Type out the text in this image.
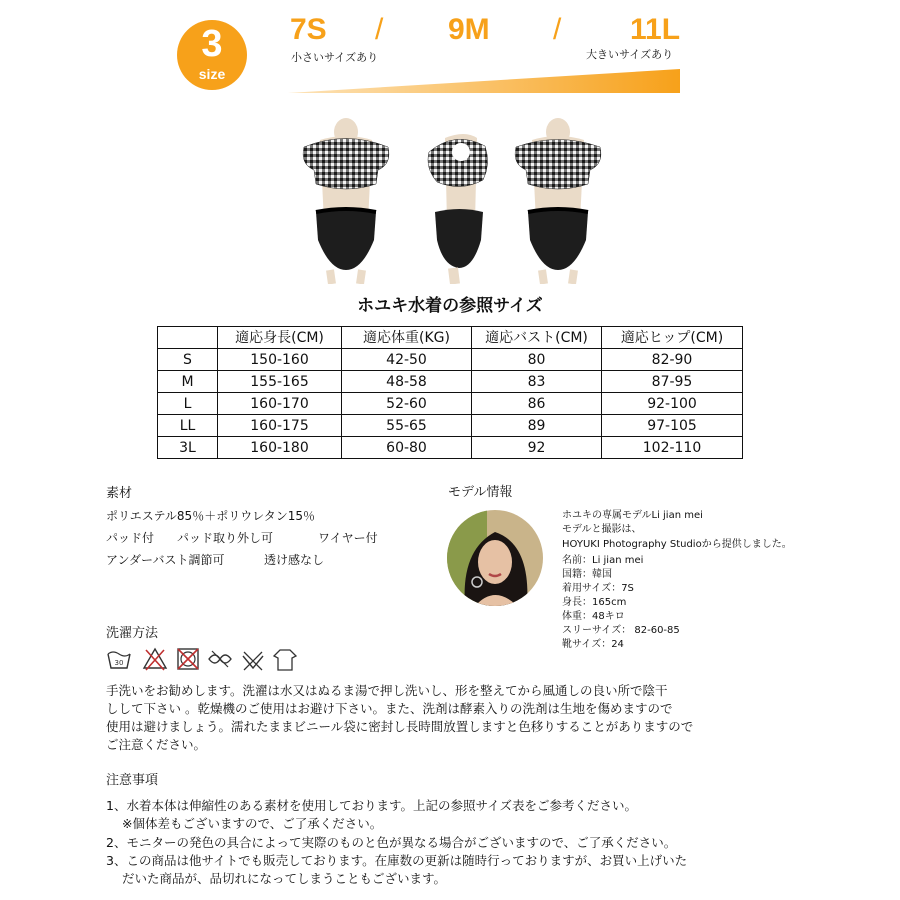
3
size
7S / 9M / 11L
小さいサイズあり	大きいサイズあり
ホユキ水着の参照サイズ
	適応身長(CM)	適応体重(KG)	適応バスト(CM)	適応ヒップ(CM)
S	150-160	42-50	80	82-90
M	155-165	48-58	83	87-95
L	160-170	52-60	86	92-100
LL	160-175	55-65	89	97-105
3L	160-180	60-80	92	102-110
素材
ポリエステル85％＋ポリウレタン15％
パッド付 パッド取り外し可	ワイヤー付
アンダーバスト調節可	透け感なし
モデル情報
ホユキの専属モデルLi jian mei
モデルと撮影は、
HOYUKI Photography Studioから提供しました。
名前：Li jian mei
国籍：韓国
着用サイズ：7S
身長：165cm
体重：48キロ
スリーサイズ： 82-60-85
靴サイズ：24
洗濯方法
30
手洗いをお勧めします。洗濯は水又はぬるま湯で押し洗いし、形を整えてから風通しの良い所で陰干
しして下さい 。乾燥機のご使用はお避け下さい。また、洗剤は酵素入りの洗剤は生地を傷めますので
使用は避けましょう。濡れたままビニール袋に密封し長時間放置しますと色移りすることがありますので
ご注意ください。
注意事項
1、水着本体は伸縮性のある素材を使用しております。上記の参照サイズ表をご参考ください。
※個体差もございますので、ご了承ください。
2、モニターの発色の具合によって実際のものと色が異なる場合がございますので、ご了承ください。
3、この商品は他サイトでも販売しております。在庫数の更新は随時行っておりますが、お買い上げいた
だいた商品が、品切れになってしまうこともございます。
